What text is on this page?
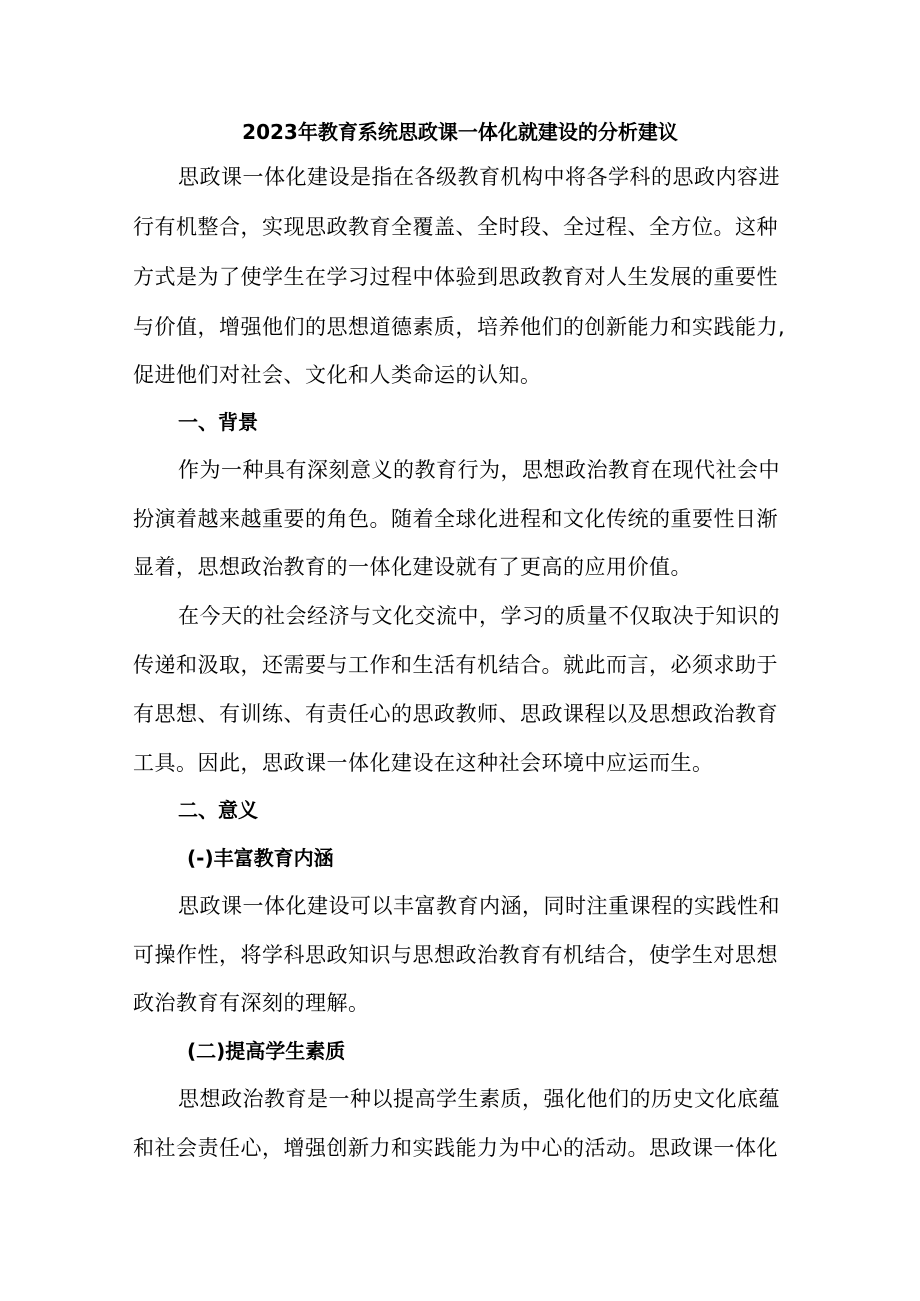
2023年教育系统思政课一体化就建设的分析建议
思政课一体化建设是指在各级教育机构中将各学科的思政内容进
行有机整合，实现思政教育全覆盖、全时段、全过程、全方位。这种
方式是为了使学生在学习过程中体验到思政教育对人生发展的重要性
与价值，增强他们的思想道德素质，培养他们的创新能力和实践能力,
促进他们对社会、文化和人类命运的认知。
一、背景
作为一种具有深刻意义的教育行为，思想政治教育在现代社会中
扮演着越来越重要的角色。随着全球化进程和文化传统的重要性日渐
显着，思想政治教育的一体化建设就有了更高的应用价值。
在今天的社会经济与文化交流中，学习的质量不仅取决于知识的
传递和汲取，还需要与工作和生活有机结合。就此而言，必须求助于
有思想、有训练、有责任心的思政教师、思政课程以及思想政治教育
工具。因此，思政课一体化建设在这种社会环境中应运而生。
二、意义
(-)丰富教育内涵
思政课一体化建设可以丰富教育内涵，同时注重课程的实践性和
可操作性，将学科思政知识与思想政治教育有机结合，使学生对思想
政治教育有深刻的理解。
(二)提高学生素质
思想政治教育是一种以提高学生素质，强化他们的历史文化底蕴
和社会责任心，增强创新力和实践能力为中心的活动。思政课一体化
